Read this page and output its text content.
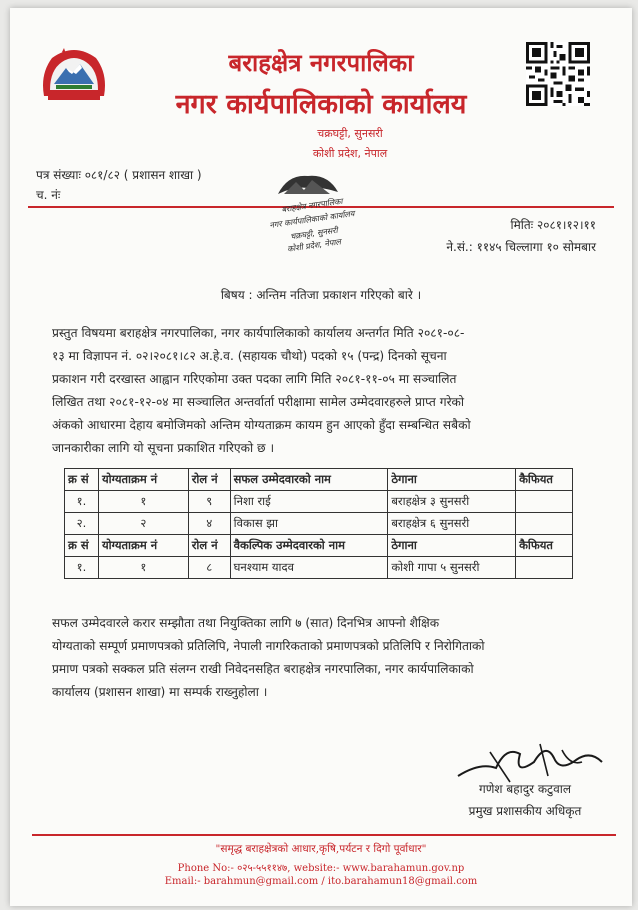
बराहक्षेत्र नगरपालिका
नगर कार्यपालिकाको कार्यालय
चक्रघट्टी, सुनसरी
कोशी प्रदेश, नेपाल
पत्र संख्याः ०८१/८२ ( प्रशासन शाखा )
च. नंः
बराहक्षेत्र नगरपालिका
नगर कार्यपालिकाको कार्यालय
चक्रघट्टी, सुनसरी
कोशी प्रदेश, नेपाल
मितिः २०८१।१२।११
ने.सं.: ११४५ चिल्लागा १० सोमबार
बिषय : अन्तिम नतिजा प्रकाशन गरिएको बारे ।
प्रस्तुत विषयमा बराहक्षेत्र नगरपालिका, नगर कार्यपालिकाको कार्यालय अन्तर्गत मिति २०८१-०८-
१३ मा विज्ञापन नं. ०२।२०८१।८२ अ.हे.व. (सहायक चौथो) पदको १५ (पन्द्र) दिनको सूचना
प्रकाशन गरी दरखास्त आह्वान गरिएकोमा उक्त पदका लागि मिति २०८१-११-०५ मा सञ्चालित
लिखित तथा २०८१-१२-०४ मा सञ्चालित अन्तर्वार्ता परीक्षामा सामेल उम्मेदवारहरुले प्राप्त गरेको
अंकको आधारमा देहाय बमोजिमको अन्तिम योग्यताक्रम कायम हुन आएको हुँदा सम्बन्धित सबैको
जानकारीका लागि यो सूचना प्रकाशित गरिएको छ ।
क्र सं	योग्यताक्रम नं	रोल नं	सफल उम्मेदवारको नाम	ठेगाना	कैफियत
१.	१	९	निशा राई	बराहक्षेत्र ३ सुनसरी	
२.	२	४	विकास झा	बराहक्षेत्र ६ सुनसरी	
क्र सं	योग्यताक्रम नं	रोल नं	वैकल्पिक उम्मेदवारको नाम	ठेगाना	कैफियत
१.	१	८	घनश्याम यादव	कोशी गापा ५ सुनसरी	
सफल उम्मेदवारले करार सम्झौता तथा नियुक्तिका लागि ७ (सात) दिनभित्र आफ्नो शैक्षिक
योग्यताको सम्पूर्ण प्रमाणपत्रको प्रतिलिपि, नेपाली नागरिकताको प्रमाणपत्रको प्रतिलिपि र निरोगिताको
प्रमाण पत्रको सक्कल प्रति संलग्न राखी निवेदनसहित बराहक्षेत्र नगरपालिका, नगर कार्यपालिकाको
कार्यालय (प्रशासन शाखा) मा सम्पर्क राख्नुहोला ।
गणेश बहादुर कटुवाल
प्रमुख प्रशासकीय अधिकृत
"समृद्ध बराहक्षेत्रको आधार,कृषि,पर्यटन र दिगो पूर्वाधार"
Phone No:- ०२५-५५११४७, website:- www.barahamun.gov.np
Email:- barahmun@gmail.com / ito.barahamun18@gmail.com
